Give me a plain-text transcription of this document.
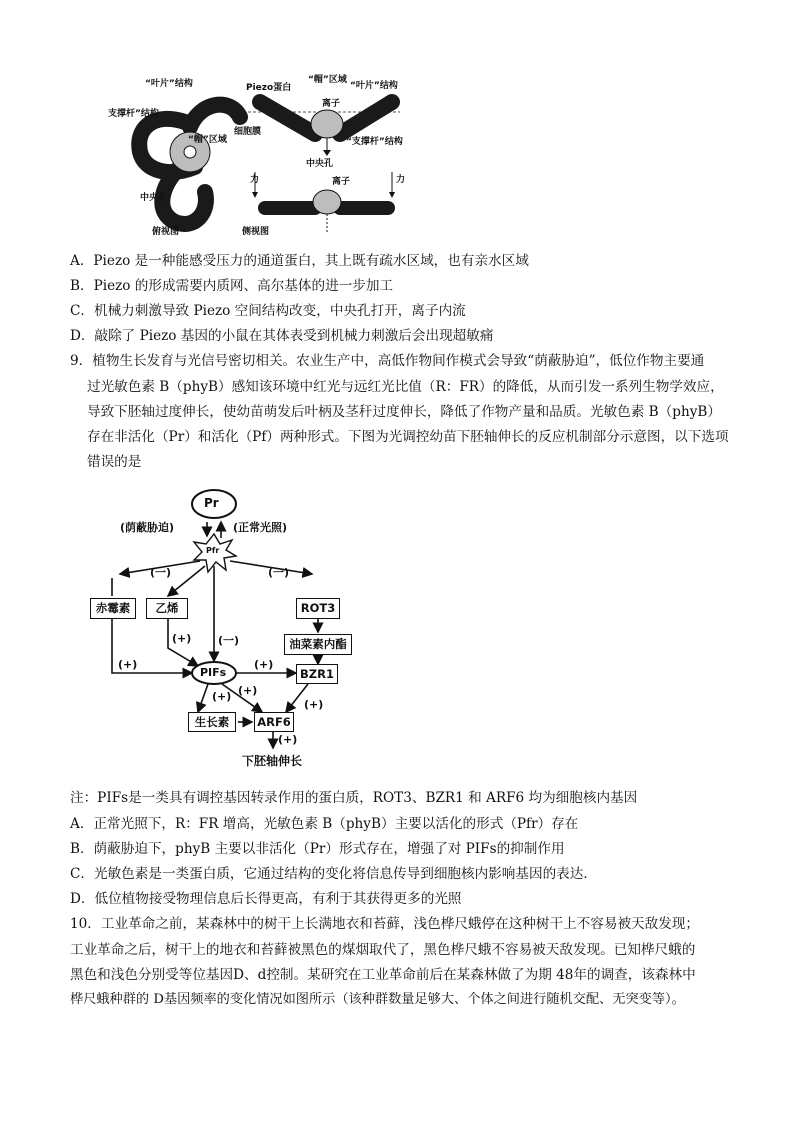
“叶片”结构
支撑杆”结构
“帽”区域
中央孔
俯视图
Piezo蛋白
“帽”区域
“叶片”结构
离子
细胞膜
“支撑杆”结构
中央孔
力	离子	力
侧视图
A．Piezo 是一种能感受压力的通道蛋白，其上既有疏水区域，也有亲水区域
B．Piezo 的形成需要内质网、高尔基体的进一步加工
C．机械力刺激导致 Piezo 空间结构改变，中央孔打开，离子内流
D．敲除了 Piezo 基因的小鼠在其体表受到机械力刺激后会出现超敏痛
9．植物生长发育与光信号密切相关。农业生产中，高低作物间作模式会导致“荫蔽胁迫”，低位作物主要通
过光敏色素 B（phyB）感知该环境中红光与远红光比值（R：FR）的降低，从而引发一系列生物学效应，
导致下胚轴过度伸长，使幼苗萌发后叶柄及茎秆过度伸长，降低了作物产量和品质。光敏色素 B（phyB）
存在非活化（Pr）和活化（Pf）两种形式。下图为光调控幼苗下胚轴伸长的反应机制部分示意图，以下选项
错误的是
Pr
Pfr
(荫蔽胁迫)	(正常光照)
(一)	(一)
(一)
赤霉素	乙烯	ROT3
油菜素内酯
PIFs	BZR1
生长素	ARF6
(+)
(+)	(+)
(+) (+)
(+)
(+)
下胚轴伸长
注：PIFs是一类具有调控基因转录作用的蛋白质，ROT3、BZR1 和 ARF6 均为细胞核内基因
A．正常光照下，R：FR 增高，光敏色素 B（phyB）主要以活化的形式（Pfr）存在
B．荫蔽胁迫下，phyB 主要以非活化（Pr）形式存在，增强了对 PIFs的抑制作用
C．光敏色素是一类蛋白质，它通过结构的变化将信息传导到细胞核内影响基因的表达．
D．低位植物接受物理信息后长得更高，有利于其获得更多的光照
10．工业革命之前，某森林中的树干上长满地衣和苔藓，浅色桦尺蛾停在这种树干上不容易被天敌发现；
工业革命之后，树干上的地衣和苔藓被黑色的煤烟取代了，黑色桦尺蛾不容易被天敌发现。已知桦尺蛾的
黑色和浅色分别受等位基因D、d控制。某研究在工业革命前后在某森林做了为期 48年的调查，该森林中
桦尺蛾种群的 D基因频率的变化情况如图所示（该种群数量足够大、个体之间进行随机交配、无突变等）。
